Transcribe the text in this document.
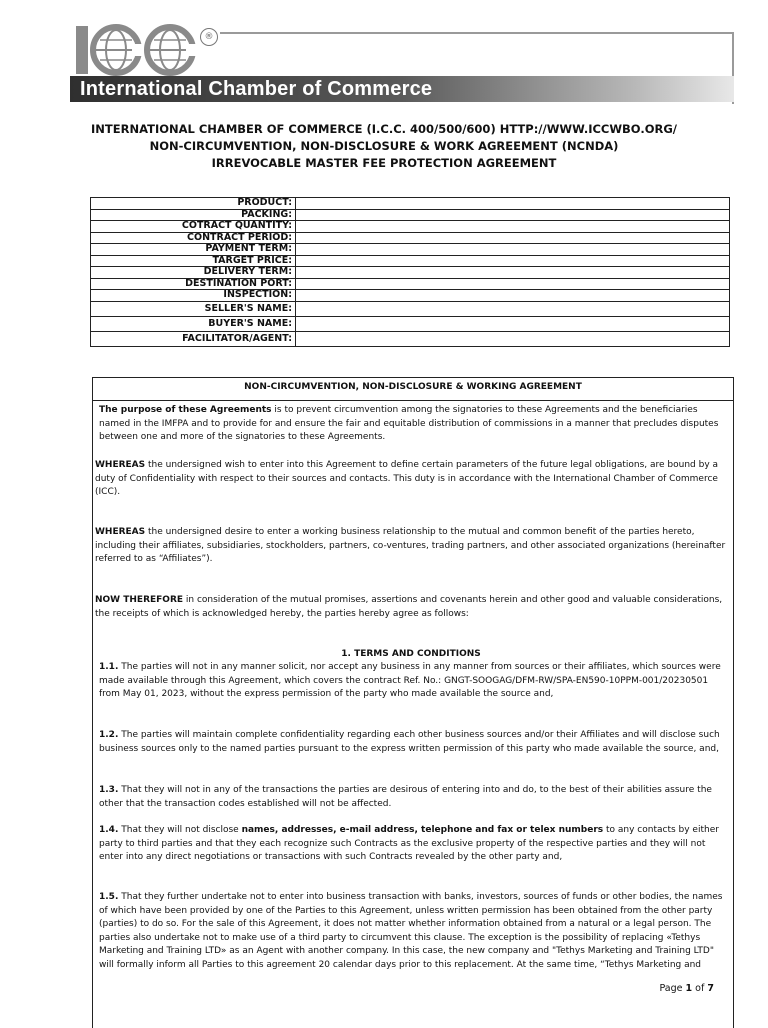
®
International Chamber of Commerce
INTERNATIONAL CHAMBER OF COMMERCE (I.C.C. 400/500/600) HTTP://WWW.ICCWBO.ORG/
NON-CIRCUMVENTION, NON-DISCLOSURE & WORK AGREEMENT (NCNDA)
IRREVOCABLE MASTER FEE PROTECTION AGREEMENT
PRODUCT:	
PACKING:	
COTRACT QUANTITY:	
CONTRACT PERIOD:	
PAYMENT TERM:	
TARGET PRICE:	
DELIVERY TERM:	
DESTINATION PORT:	
INSPECTION:	
SELLER'S NAME:	
BUYER'S NAME:	
FACILITATOR/AGENT:	
NON-CIRCUMVENTION, NON-DISCLOSURE & WORKING AGREEMENT
The purpose of these Agreements is to prevent circumvention among the signatories to these Agreements and the beneficiaries named in the IMFPA and to provide for and ensure the fair and equitable distribution of commissions in a manner that precludes disputes between one and more of the signatories to these Agreements.
WHEREAS the undersigned wish to enter into this Agreement to define certain parameters of the future legal obligations, are bound by a duty of Confidentiality with respect to their sources and contacts. This duty is in accordance with the International Chamber of Commerce (ICC).
WHEREAS the undersigned desire to enter a working business relationship to the mutual and common benefit of the parties hereto, including their affiliates, subsidiaries, stockholders, partners, co-ventures, trading partners, and other associated organizations (hereinafter referred to as “Affiliates”).
NOW THEREFORE in consideration of the mutual promises, assertions and covenants herein and other good and valuable considerations, the receipts of which is acknowledged hereby, the parties hereby agree as follows:
1. TERMS AND CONDITIONS
1.1. The parties will not in any manner solicit, nor accept any business in any manner from sources or their affiliates, which sources were made available through this Agreement, which covers the contract Ref. No.: GNGT-SOOGAG/DFM-RW/SPA-EN590-10PPM-001/20230501 from May 01, 2023, without the express permission of the party who made available the source and,
1.2. The parties will maintain complete confidentiality regarding each other business sources and/or their Affiliates and will disclose such business sources only to the named parties pursuant to the express written permission of this party who made available the source, and,
1.3. That they will not in any of the transactions the parties are desirous of entering into and do, to the best of their abilities assure the other that the transaction codes established will not be affected.
1.4. That they will not disclose names, addresses, e-mail address, telephone and fax or telex numbers to any contacts by either party to third parties and that they each recognize such Contracts as the exclusive property of the respective parties and they will not enter into any direct negotiations or transactions with such Contracts revealed by the other party and,
1.5. That they further undertake not to enter into business transaction with banks, investors, sources of funds or other bodies, the names of which have been provided by one of the Parties to this Agreement, unless written permission has been obtained from the other party (parties) to do so. For the sale of this Agreement, it does not matter whether information obtained from a natural or a legal person. The parties also undertake not to make use of a third party to circumvent this clause. The exception is the possibility of replacing «Tethys Marketing and Training LTD» as an Agent with another company. In this case, the new company and "Tethys Marketing and Training LTD" will formally inform all Parties to this agreement 20 calendar days prior to this replacement. At the same time, “Tethys Marketing and
Page 1 of 7
